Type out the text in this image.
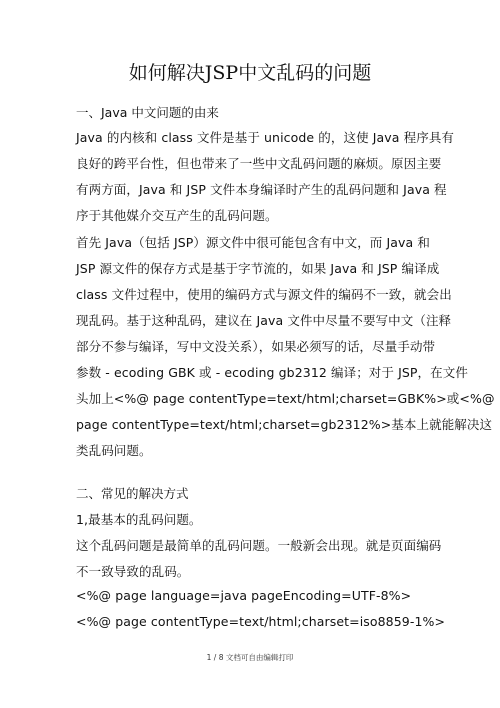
如何解决JSP中文乱码的问题
一、Java 中文问题的由来
Java 的内核和 class 文件是基于 unicode 的，这使 Java 程序具有
良好的跨平台性，但也带来了一些中文乱码问题的麻烦。原因主要
有两方面，Java 和 JSP 文件本身编译时产生的乱码问题和 Java 程
序于其他媒介交互产生的乱码问题。
首先 Java（包括 JSP）源文件中很可能包含有中文，而 Java 和
JSP 源文件的保存方式是基于字节流的，如果 Java 和 JSP 编译成
class 文件过程中，使用的编码方式与源文件的编码不一致，就会出
现乱码。基于这种乱码，建议在 Java 文件中尽量不要写中文（注释
部分不参与编译，写中文没关系），如果必须写的话，尽量手动带
参数 - ecoding GBK 或 - ecoding gb2312 编译；对于 JSP，在文件
头加上<%@ page contentType=text/html;charset=GBK%>或<%@
page contentType=text/html;charset=gb2312%>基本上就能解决这
类乱码问题。
二、常见的解决方式
1,最基本的乱码问题。
这个乱码问题是最简单的乱码问题。一般新会出现。就是页面编码
不一致导致的乱码。
<%@ page language=java pageEncoding=UTF-8%>
<%@ page contentType=text/html;charset=iso8859-1%>
1 / 8 文档可自由编辑打印
